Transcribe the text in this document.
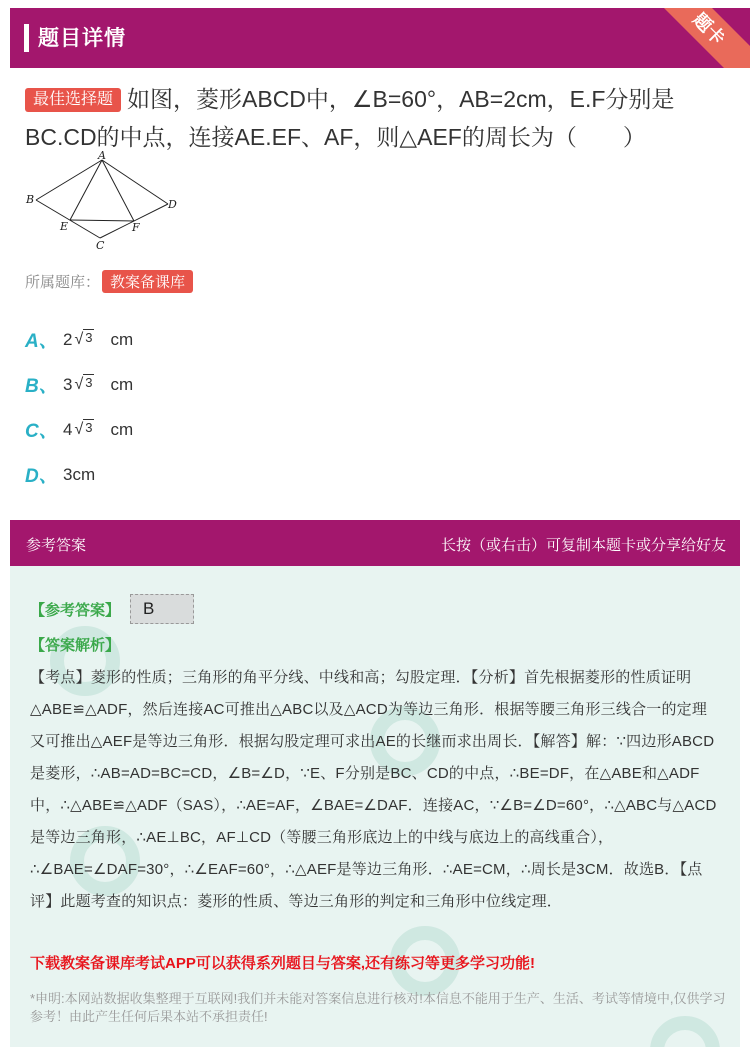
题目详情	题卡
最佳选择题 如图，菱形ABCD中，∠B=60°，AB=2cm，E.F分别是BC.CD的中点，连接AE.EF、AF，则△AEF的周长为（　　）
A
B
C
D
E	F
所属题库： 教案备课库
A、 2 √ 3 cm
B、 3 √ 3 cm
C、 4 √ 3 cm
D、 3cm
参考答案	长按（或右击）可复制本题卡或分享给好友
【参考答案】	B
【答案解析】
【考点】菱形的性质；三角形的角平分线、中线和高；勾股定理．【分析】首先根据菱形的性质证明△ABE≌△ADF，然后连接AC可推出△ABC以及△ACD为等边三角形．根据等腰三角形三线合一的定理又可推出△AEF是等边三角形．根据勾股定理可求出AE的长继而求出周长．【解答】解：∵四边形ABCD是菱形，∴AB=AD=BC=CD，∠B=∠D，∵E、F分别是BC、CD的中点，∴BE=DF，在△ABE和△ADF中，∴△ABE≌△ADF（SAS），∴AE=AF，∠BAE=∠DAF．连接AC，∵∠B=∠D=60°，∴△ABC与△ACD是等边三角形，∴AE⊥BC，AF⊥CD（等腰三角形底边上的中线与底边上的高线重合），∴∠BAE=∠DAF=30°，∴∠EAF=60°，∴△AEF是等边三角形．∴AE=CM，∴周长是3CM．故选B．【点评】此题考查的知识点：菱形的性质、等边三角形的判定和三角形中位线定理．
下载教案备课库考试APP可以获得系列题目与答案,还有练习等更多学习功能!
*申明:本网站数据收集整理于互联网!我们并未能对答案信息进行核对!本信息不能用于生产、生活、考试等情境中,仅供学习参考！由此产生任何后果本站不承担责任!
